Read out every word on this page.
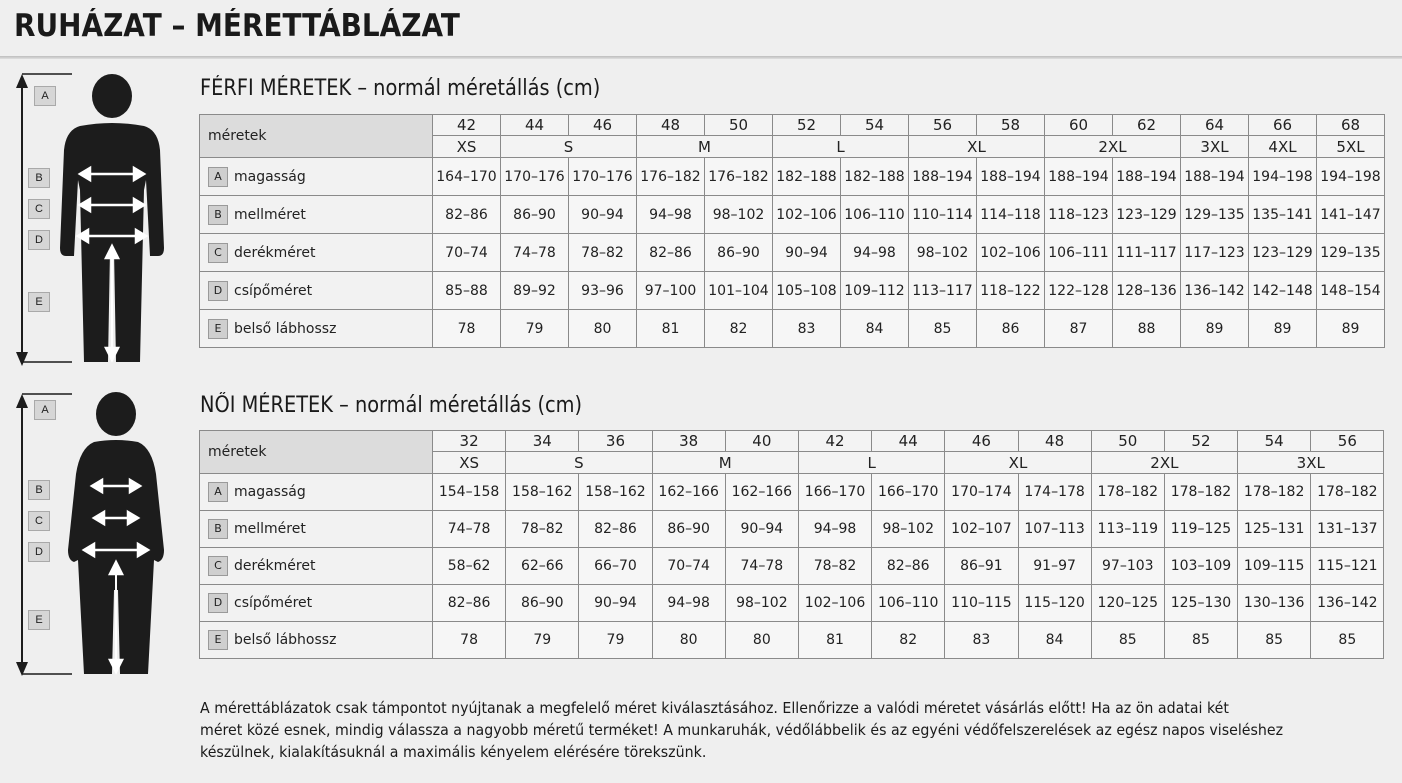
RUHÁZAT – MÉRETTÁBLÁZAT
A
B
C
D
E
FÉRFI MÉRETEK – normál méretállás (cm)
méretek	42	44	46	48	50	52	54	56	58	60	62	64	66	68
	XS	S		M		L		XL		2XL		3XL	4XL	5XL
A magasság	164–170	170–176	170–176	176–182	176–182	182–188	182–188	188–194	188–194	188–194	188–194	188–194	194–198	194–198
B mellméret	82–86	86–90	90–94	94–98	98–102	102–106	106–110	110–114	114–118	118–123	123–129	129–135	135–141	141–147
C derékméret	70–74	74–78	78–82	82–86	86–90	90–94	94–98	98–102	102–106	106–111	111–117	117–123	123–129	129–135
D csípőméret	85–88	89–92	93–96	97–100	101–104	105–108	109–112	113–117	118–122	122–128	128–136	136–142	142–148	148–154
E belső lábhossz	78	79	80	81	82	83	84	85	86	87	88	89	89	89
A
B
C
D
E
NŐI MÉRETEK – normál méretállás (cm)
méretek	32	34	36	38	40	42	44	46	48	50	52	54	56
	XS	S		M		L		XL		2XL		3XL	
A magasság	154–158	158–162	158–162	162–166	162–166	166–170	166–170	170–174	174–178	178–182	178–182	178–182	178–182
B mellméret	74–78	78–82	82–86	86–90	90–94	94–98	98–102	102–107	107–113	113–119	119–125	125–131	131–137
C derékméret	58–62	62–66	66–70	70–74	74–78	78–82	82–86	86–91	91–97	97–103	103–109	109–115	115–121
D csípőméret	82–86	86–90	90–94	94–98	98–102	102–106	106–110	110–115	115–120	120–125	125–130	130–136	136–142
E belső lábhossz	78	79	79	80	80	81	82	83	84	85	85	85	85
A mérettáblázatok csak támpontot nyújtanak a megfelelő méret kiválasztásához. Ellenőrizze a valódi méretet vásárlás előtt! Ha az ön adatai két
méret közé esnek, mindig válassza a nagyobb méretű terméket! A munkaruhák, védőlábbelik és az egyéni védőfelszerelések az egész napos viseléshez
készülnek, kialakításuknál a maximális kényelem elérésére törekszünk.
